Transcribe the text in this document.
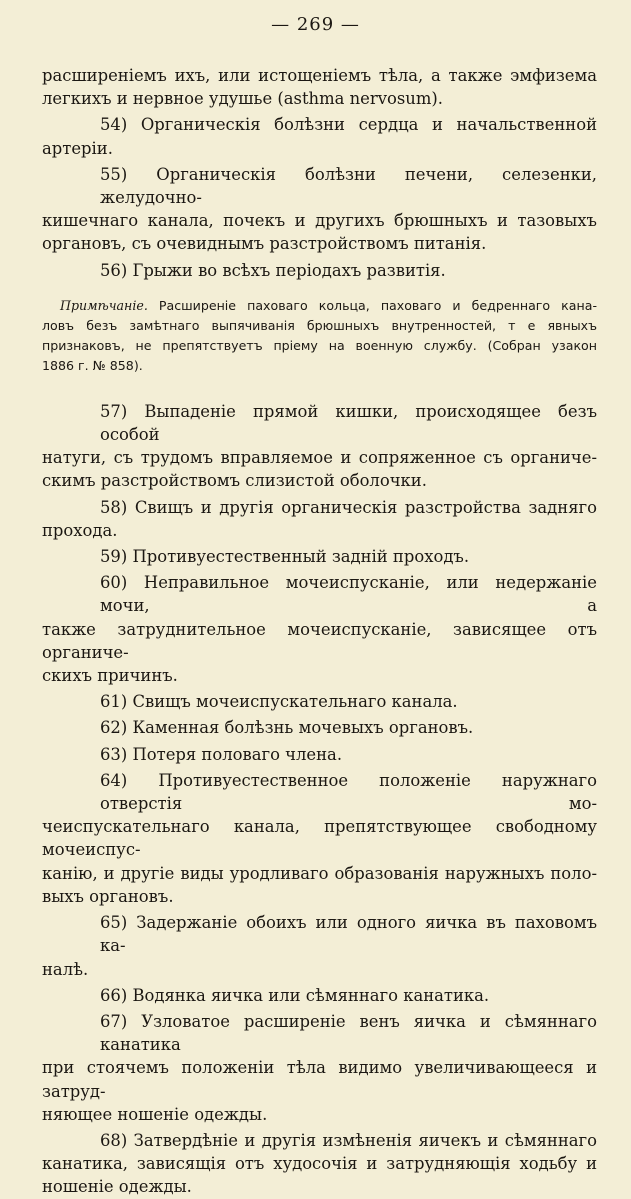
— 269 —
расширенiемъ ихъ, или истощенiемъ тѣла, а также эмфизема
легкихъ и нервное удушье (asthma nervosum).
54) Органическiя болѣзни сердца и начальственной артерiи.
55) Органическiя болѣзни печени, селезенки, желудочно-
кишечнаго канала, почекъ и другихъ брюшныхъ и тазовыхъ
органовъ, съ очевиднымъ разстройствомъ питанiя.
56) Грыжи во всѣхъ перiодахъ развитiя.
Примѣчанiе. Расширенiе паховаго кольца, паховаго и бедреннаго кана-
ловъ безъ замѣтнаго выпячиванiя брюшныхъ внутренностей, т е явныхъ
признаковъ, не препятствуетъ прiему на военную службу. (Собран узакон
1886 г. № 858).
57) Выпаденiе прямой кишки, происходящее безъ особой
натуги, съ трудомъ вправляемое и сопряженное съ органиче-
скимъ разстройствомъ слизистой оболочки.
58) Свищъ и другiя органическiя разстройства задняго
прохода.
59) Противуестественный заднiй проходъ.
60) Неправильное мочеиспусканiе, или недержанiе мочи, а
также затруднительное мочеиспусканiе, зависящее отъ органиче-
скихъ причинъ.
61) Свищъ мочеиспускательнаго канала.
62) Каменная болѣзнь мочевыхъ органовъ.
63) Потеря половаго члена.
64) Противуестественное положенiе наружнаго отверстiя мо-
чеиспускательнаго канала, препятствующее свободному мочеиспус-
канiю, и другiе виды уродливаго образованiя наружныхъ поло-
выхъ органовъ.
65) Задержанiе обоихъ или одного яичка въ паховомъ ка-
налѣ.
66) Водянка яичка или сѣмяннаго канатика.
67) Узловатое расширенiе венъ яичка и сѣмяннаго канатика
при стоячемъ положенiи тѣла видимо увеличивающееся и затруд-
няющее ношенiе одежды.
68) Затвердѣнiе и другiя измѣненiя яичекъ и сѣмяннаго
канатика, зависящiя отъ худосочiя и затрудняющiя ходьбу и
ношенiе одежды.
